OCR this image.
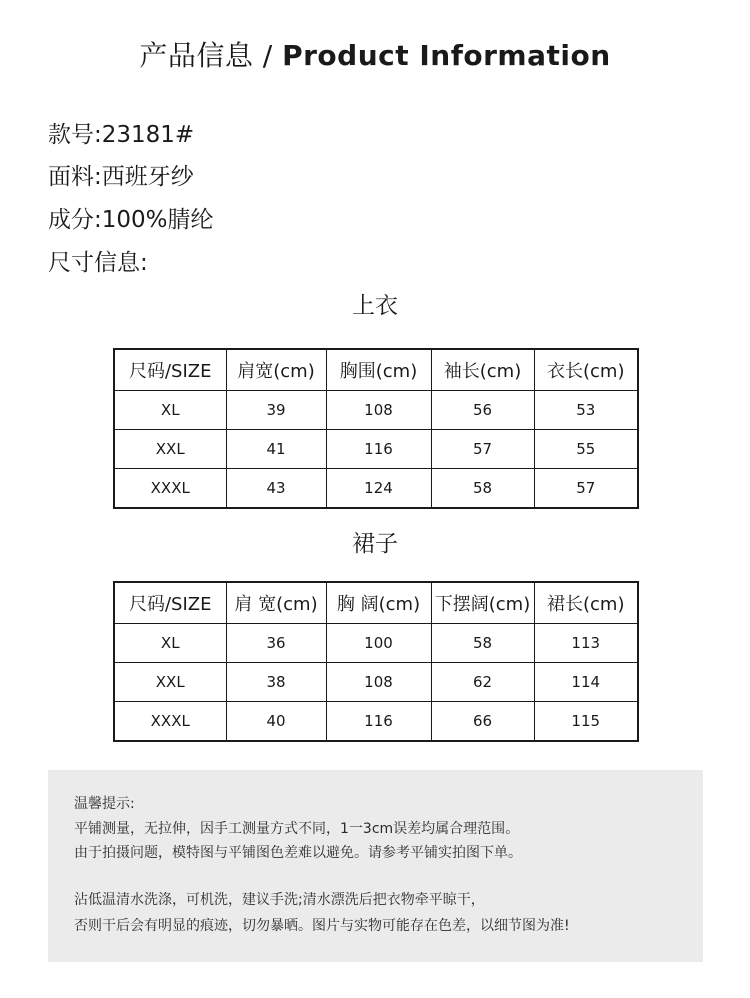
产品信息 / Product Information
款号:23181#
面料:西班牙纱
成分:100%腈纶
尺寸信息:
上衣
尺码/SIZE	肩宽(cm)	胸围(cm)	袖长(cm)	衣长(cm)
XL	39	108	56	53
XXL	41	116	57	55
XXXL	43	124	58	57
裙子
尺码/SIZE	肩 宽(cm)	胸 阔(cm)	下摆阔(cm)	裙长(cm)
XL	36	100	58	113
XXL	38	108	62	114
XXXL	40	116	66	115
温馨提示:
平铺测量，无拉伸，因手工测量方式不同，1一3cm误差均属合理范围。
由于拍摄问题，模特图与平铺图色差难以避免。请参考平铺实拍图下单。
沾低温清水洗涤，可机洗，建议手洗;清水漂洗后把衣物牵平晾干，
否则干后会有明显的痕迹，切勿暴晒。图片与实物可能存在色差，以细节图为准!
